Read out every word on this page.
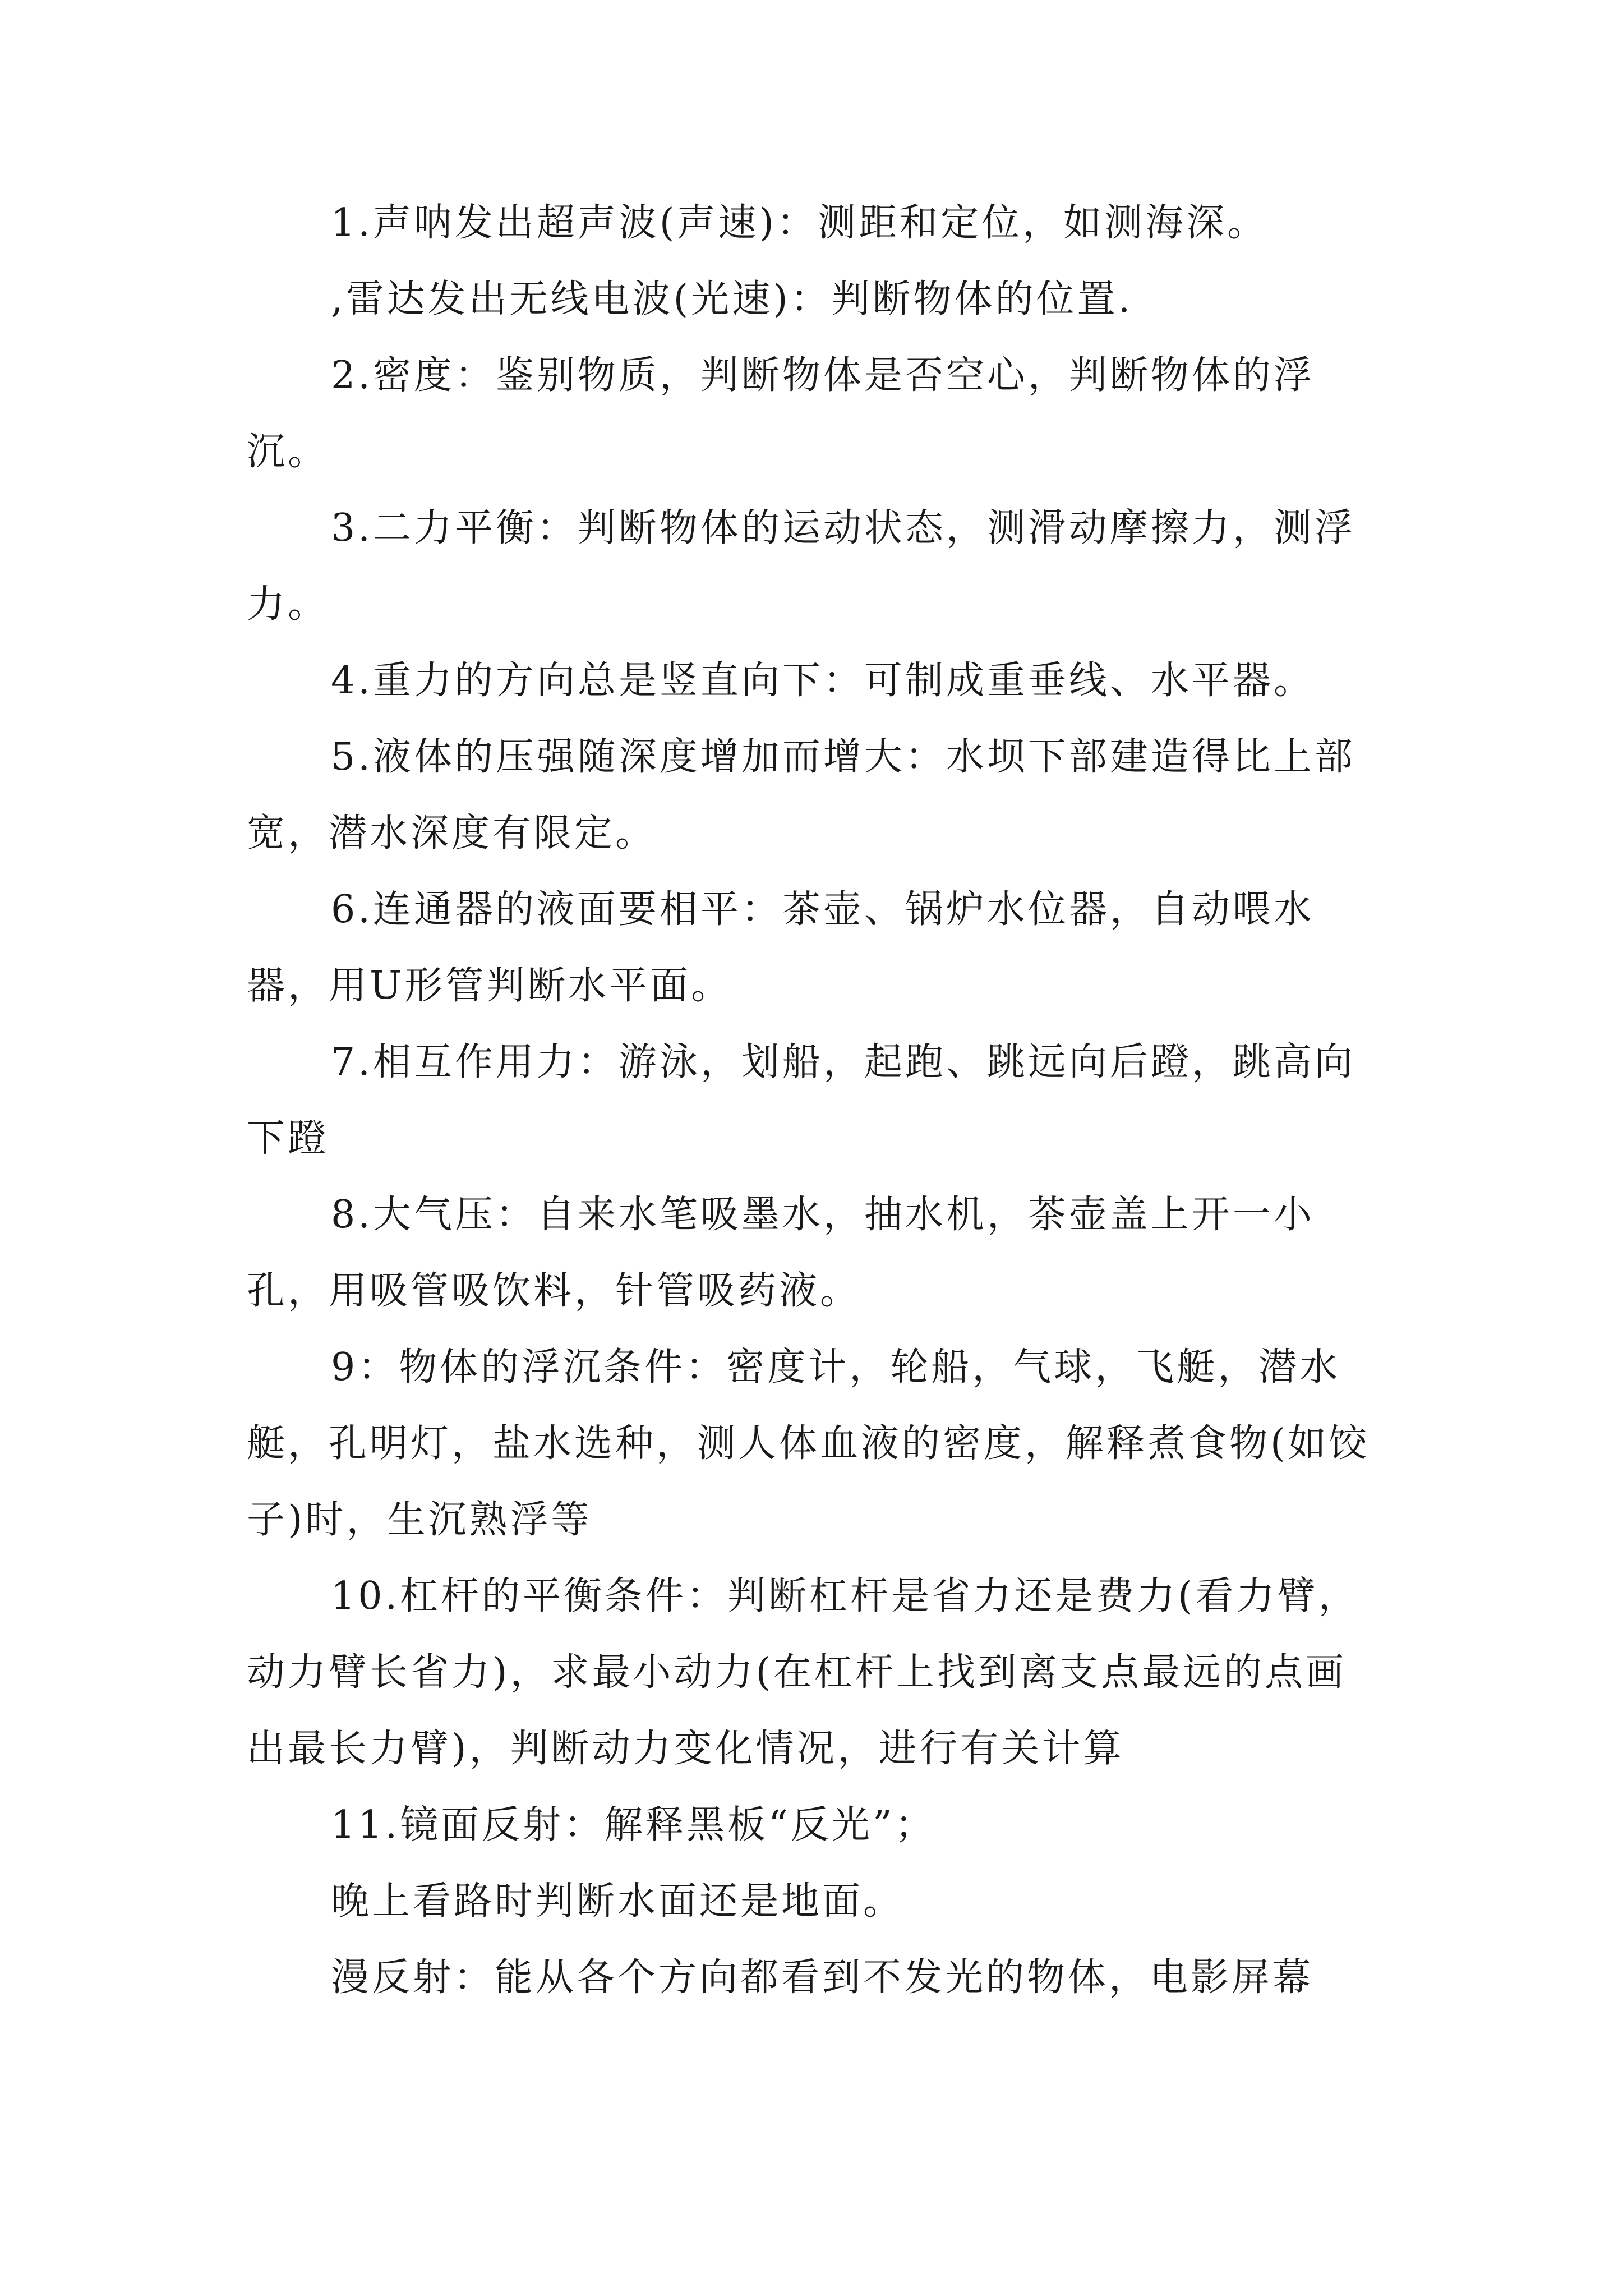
1.声呐发出超声波(声速)：测距和定位，如测海深。

,雷达发出无线电波(光速)：判断物体的位置.

2.密度：鉴别物质，判断物体是否空心，判断物体的浮沉。

3.二力平衡：判断物体的运动状态，测滑动摩擦力，测浮力。

4.重力的方向总是竖直向下：可制成重垂线、水平器。

5.液体的压强随深度增加而增大：水坝下部建造得比上部宽，潜水深度有限定。

6.连通器的液面要相平：茶壶、锅炉水位器，自动喂水器，用U形管判断水平面。

7.相互作用力：游泳，划船，起跑、跳远向后蹬，跳高向下蹬

8.大气压：自来水笔吸墨水，抽水机，茶壶盖上开一小孔，用吸管吸饮料，针管吸药液。

9：物体的浮沉条件：密度计，轮船，气球，飞艇，潜水艇，孔明灯，盐水选种，测人体血液的密度，解释煮食物(如饺子)时，生沉熟浮等

10.杠杆的平衡条件：判断杠杆是省力还是费力(看力臂，动力臂长省力)，求最小动力(在杠杆上找到离支点最远的点画出最长力臂)，判断动力变化情况，进行有关计算

11.镜面反射：解释黑板“反光”；

晚上看路时判断水面还是地面。

漫反射：能从各个方向都看到不发光的物体，电影屏幕
